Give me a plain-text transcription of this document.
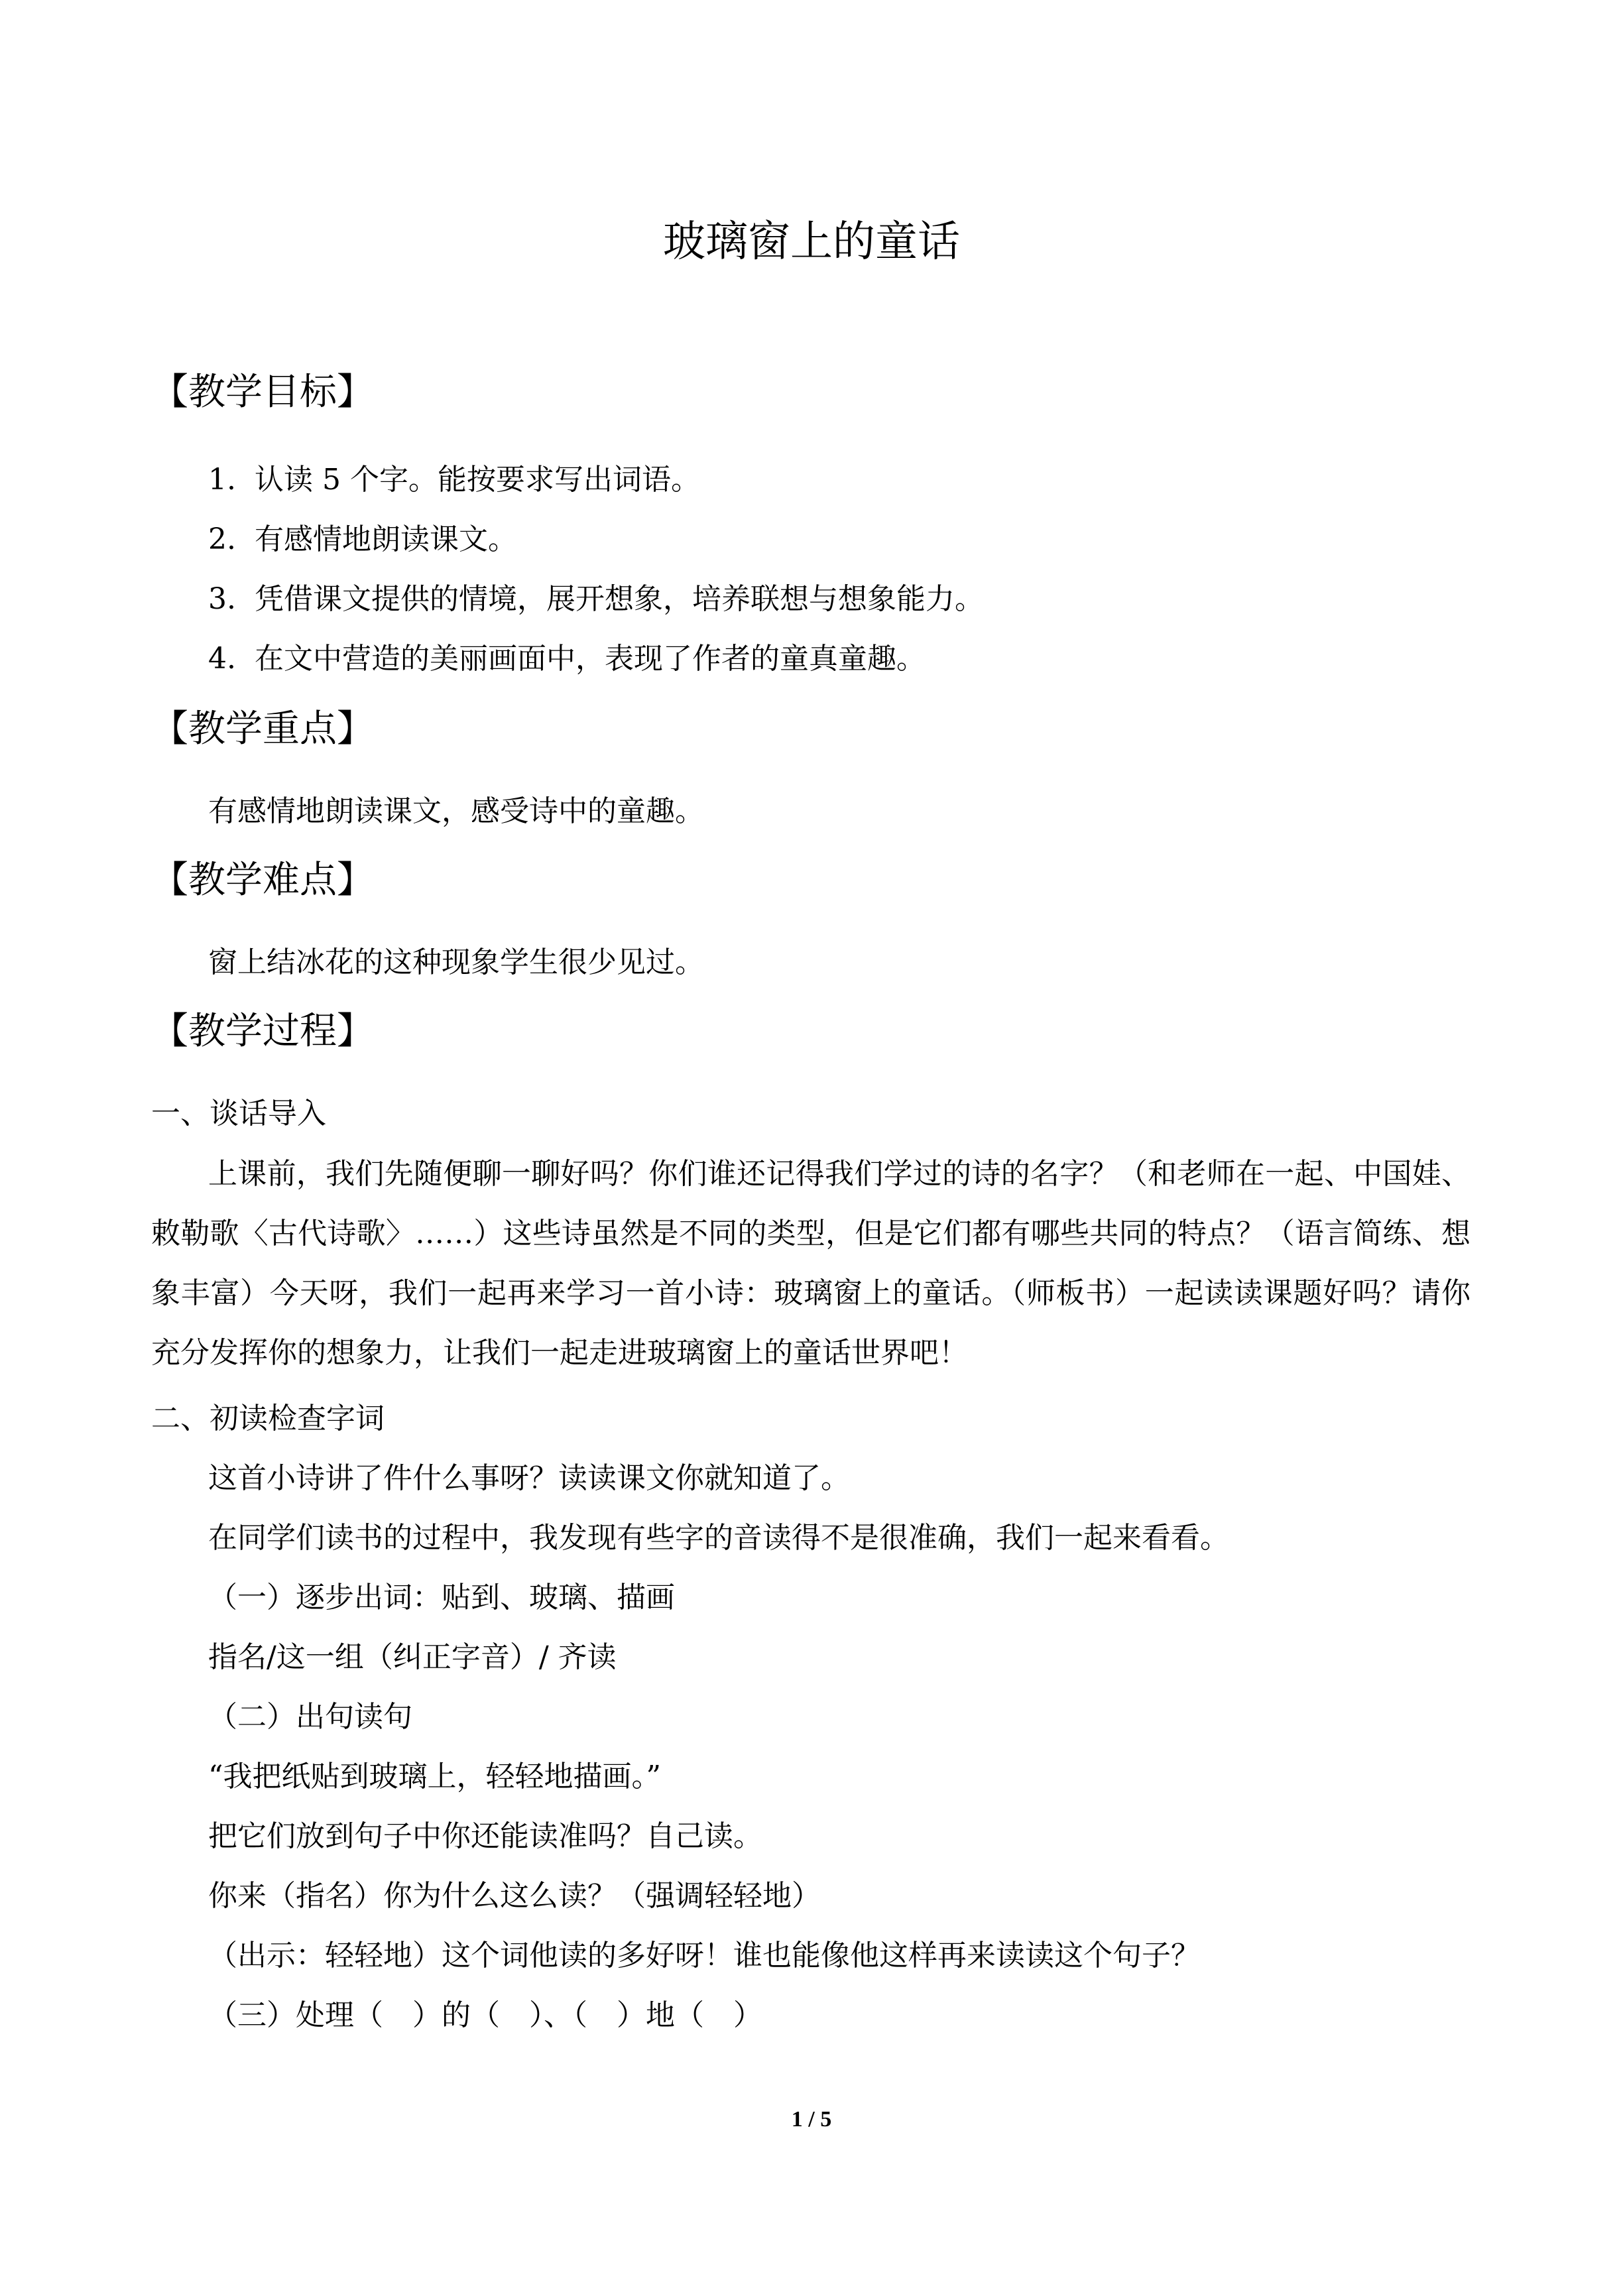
玻璃窗上的童话
【教学目标】
1. 认读 5 个字。能按要求写出词语。
2. 有感情地朗读课文。
3. 凭借课文提供的情境，展开想象，培养联想与想象能力。
4. 在文中营造的美丽画面中，表现了作者的童真童趣。
【教学重点】
有感情地朗读课文，感受诗中的童趣。
【教学难点】
窗上结冰花的这种现象学生很少见过。
【教学过程】
一、谈话导入
上课前，我们先随便聊一聊好吗？你们谁还记得我们学过的诗的名字？（和老师在一起、中国娃、敕勒歌〈古代诗歌〉……）这些诗虽然是不同的类型，但是它们都有哪些共同的特点？（语言简练、想象丰富）今天呀，我们一起再来学习一首小诗：玻璃窗上的童话。（师板书）一起读读课题好吗？请你充分发挥你的想象力，让我们一起走进玻璃窗上的童话世界吧！
二、初读检查字词
这首小诗讲了件什么事呀？读读课文你就知道了。
在同学们读书的过程中，我发现有些字的音读得不是很准确，我们一起来看看。
（一）逐步出词：贴到、玻璃、描画
指名/这一组（纠正字音）/ 齐读
（二）出句读句
“我把纸贴到玻璃上，轻轻地描画。”
把它们放到句子中你还能读准吗？自己读。
你来（指名）你为什么这么读？（强调轻轻地）
（出示：轻轻地）这个词他读的多好呀！谁也能像他这样再来读读这个句子？
（三）处理（　）的（　）、（　）地（　）
1 / 5
